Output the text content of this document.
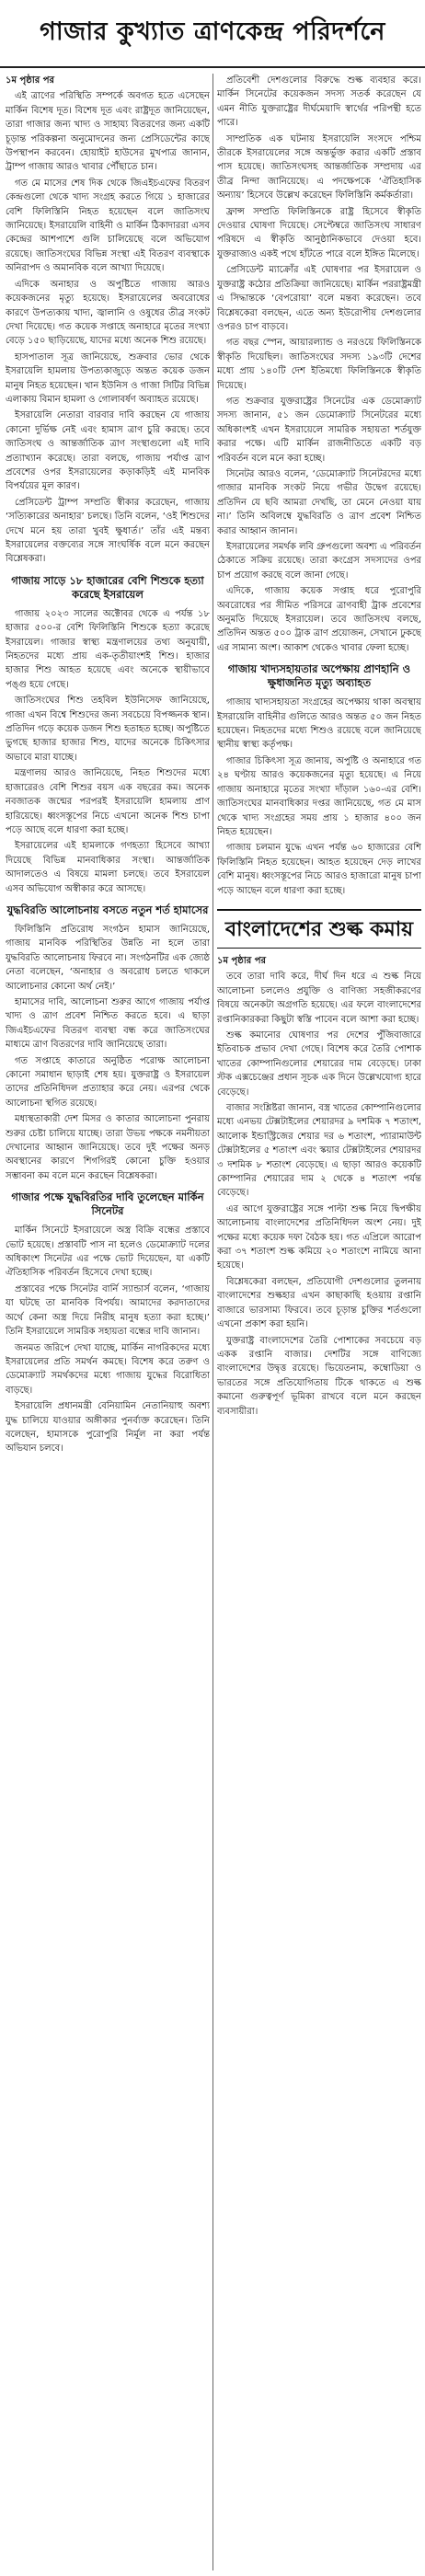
গাজার কুখ্যাত ত্রাণকেন্দ্র পরিদর্শনে
১ম পৃষ্ঠার পর

এই ত্রাণের পরিস্থিতি সম্পর্কে অবগত হতে এসেছেন মার্কিন বিশেষ দূত। বিশেষ দূত এবং রাষ্ট্রদূত জানিয়েছেন, তারা গাজার জন্য খাদ্য ও সাহায্য বিতরণের জন্য একটি চূড়ান্ত পরিকল্পনা অনুমোদনের জন্য প্রেসিডেন্টের কাছে উপস্থাপন করবেন। হোয়াইট হাউসের মুখপাত্র জানান, ট্রাম্প গাজায় আরও খাবার পৌঁছাতে চান।

গত মে মাসের শেষ দিক থেকে জিএইচএফের বিতরণ কেন্দ্রগুলো থেকে খাদ্য সংগ্রহ করতে গিয়ে ১ হাজারের বেশি ফিলিস্তিনি নিহত হয়েছেন বলে জাতিসংঘ জানিয়েছে। ইসরায়েলি বাহিনী ও মার্কিন ঠিকাদাররা এসব কেন্দ্রের আশপাশে গুলি চালিয়েছে বলে অভিযোগ রয়েছে। জাতিসংঘের বিভিন্ন সংস্থা এই বিতরণ ব্যবস্থাকে অনিরাপদ ও অমানবিক বলে আখ্যা দিয়েছে।

এদিকে অনাহার ও অপুষ্টিতে গাজায় আরও কয়েকজনের মৃত্যু হয়েছে। ইসরায়েলের অবরোধের কারণে উপত্যকায় খাদ্য, জ্বালানি ও ওষুধের তীব্র সংকট দেখা দিয়েছে। গত কয়েক সপ্তাহে অনাহারে মৃতের সংখ্যা বেড়ে ১৫০ ছাড়িয়েছে, যাদের মধ্যে অনেক শিশু রয়েছে।

হাসপাতাল সূত্র জানিয়েছে, শুক্রবার ভোর থেকে ইসরায়েলি হামলায় উপত্যকাজুড়ে অন্তত কয়েক ডজন মানুষ নিহত হয়েছেন। খান ইউনিস ও গাজা সিটির বিভিন্ন এলাকায় বিমান হামলা ও গোলাবর্ষণ অব্যাহত রয়েছে।

ইসরায়েলি নেতারা বারবার দাবি করছেন যে গাজায় কোনো দুর্ভিক্ষ নেই এবং হামাস ত্রাণ চুরি করছে। তবে জাতিসংঘ ও আন্তর্জাতিক ত্রাণ সংস্থাগুলো এই দাবি প্রত্যাখ্যান করেছে। তারা বলছে, গাজায় পর্যাপ্ত ত্রাণ প্রবেশের ওপর ইসরায়েলের কড়াকড়িই এই মানবিক বিপর্যয়ের মূল কারণ।

প্রেসিডেন্ট ট্রাম্প সম্প্রতি স্বীকার করেছেন, গাজায় ‘সত্যিকারের অনাহার’ চলছে। তিনি বলেন, ‘ওই শিশুদের দেখে মনে হয় তারা খুবই ক্ষুধার্ত।’ তাঁর এই মন্তব্য ইসরায়েলের বক্তব্যের সঙ্গে সাংঘর্ষিক বলে মনে করছেন বিশ্লেষকরা।

গাজায় সাড়ে ১৮ হাজারের বেশি শিশুকে হত্যা করেছে ইসরায়েল

গাজায় ২০২৩ সালের অক্টোবর থেকে এ পর্যন্ত ১৮ হাজার ৫০০-র বেশি ফিলিস্তিনি শিশুকে হত্যা করেছে ইসরায়েল। গাজার স্বাস্থ্য মন্ত্রণালয়ের তথ্য অনুযায়ী, নিহতদের মধ্যে প্রায় এক-তৃতীয়াংশই শিশু। হাজার হাজার শিশু আহত হয়েছে এবং অনেকে স্থায়ীভাবে পঙ্গু হয়ে গেছে।

জাতিসংঘের শিশু তহবিল ইউনিসেফ জানিয়েছে, গাজা এখন বিশ্বে শিশুদের জন্য সবচেয়ে বিপজ্জনক স্থান। প্রতিদিন গড়ে কয়েক ডজন শিশু হতাহত হচ্ছে। অপুষ্টিতে ভুগছে হাজার হাজার শিশু, যাদের অনেকে চিকিৎসার অভাবে মারা যাচ্ছে।

মন্ত্রণালয় আরও জানিয়েছে, নিহত শিশুদের মধ্যে হাজারেরও বেশি শিশুর বয়স এক বছরের কম। অনেক নবজাতক জন্মের পরপরই ইসরায়েলি হামলায় প্রাণ হারিয়েছে। ধ্বংসস্তূপের নিচে এখনো অনেক শিশু চাপা পড়ে আছে বলে ধারণা করা হচ্ছে।

ইসরায়েলের এই হামলাকে গণহত্যা হিসেবে আখ্যা দিয়েছে বিভিন্ন মানবাধিকার সংস্থা। আন্তর্জাতিক আদালতেও এ বিষয়ে মামলা চলছে। তবে ইসরায়েল এসব অভিযোগ অস্বীকার করে আসছে।

যুদ্ধবিরতি আলোচনায় বসতে নতুন শর্ত হামাসের

ফিলিস্তিনি প্রতিরোধ সংগঠন হামাস জানিয়েছে, গাজায় মানবিক পরিস্থিতির উন্নতি না হলে তারা যুদ্ধবিরতি আলোচনায় ফিরবে না। সংগঠনটির এক জ্যেষ্ঠ নেতা বলেছেন, ‘অনাহার ও অবরোধ চলতে থাকলে আলোচনার কোনো অর্থ নেই।’

হামাসের দাবি, আলোচনা শুরুর আগে গাজায় পর্যাপ্ত খাদ্য ও ত্রাণ প্রবেশ নিশ্চিত করতে হবে। এ ছাড়া জিএইচএফের বিতরণ ব্যবস্থা বন্ধ করে জাতিসংঘের মাধ্যমে ত্রাণ বিতরণের দাবি জানিয়েছে তারা।

গত সপ্তাহে কাতারে অনুষ্ঠিত পরোক্ষ আলোচনা কোনো সমাধান ছাড়াই শেষ হয়। যুক্তরাষ্ট্র ও ইসরায়েল তাদের প্রতিনিধিদল প্রত্যাহার করে নেয়। এরপর থেকে আলোচনা স্থগিত রয়েছে।

মধ্যস্থতাকারী দেশ মিসর ও কাতার আলোচনা পুনরায় শুরুর চেষ্টা চালিয়ে যাচ্ছে। তারা উভয় পক্ষকে নমনীয়তা দেখানোর আহ্বান জানিয়েছে। তবে দুই পক্ষের অনড় অবস্থানের কারণে শিগগিরই কোনো চুক্তি হওয়ার সম্ভাবনা কম বলে মনে করছেন বিশ্লেষকরা।

গাজার পক্ষে যুদ্ধবিরতির দাবি তুলেছেন মার্কিন সিনেটর

মার্কিন সিনেটে ইসরায়েলে অস্ত্র বিক্রি বন্ধের প্রস্তাবে ভোট হয়েছে। প্রস্তাবটি পাস না হলেও ডেমোক্র্যাট দলের অধিকাংশ সিনেটর এর পক্ষে ভোট দিয়েছেন, যা একটি ঐতিহাসিক পরিবর্তন হিসেবে দেখা হচ্ছে।

প্রস্তাবের পক্ষে সিনেটর বার্নি স্যান্ডার্স বলেন, ‘গাজায় যা ঘটছে তা মানবিক বিপর্যয়। আমাদের করদাতাদের অর্থে কেনা অস্ত্র দিয়ে নিরীহ মানুষ হত্যা করা হচ্ছে।’ তিনি ইসরায়েলে সামরিক সহায়তা বন্ধের দাবি জানান।

জনমত জরিপে দেখা যাচ্ছে, মার্কিন নাগরিকদের মধ্যে ইসরায়েলের প্রতি সমর্থন কমছে। বিশেষ করে তরুণ ও ডেমোক্র্যাট সমর্থকদের মধ্যে গাজায় যুদ্ধের বিরোধিতা বাড়ছে।

ইসরায়েলি প্রধানমন্ত্রী বেনিয়ামিন নেতানিয়াহু অবশ্য যুদ্ধ চালিয়ে যাওয়ার অঙ্গীকার পুনর্ব্যক্ত করেছেন। তিনি বলেছেন, হামাসকে পুরোপুরি নির্মূল না করা পর্যন্ত অভিযান চলবে।

প্রতিবেশী দেশগুলোর বিরুদ্ধে শুল্ক ব্যবহার করে। মার্কিন সিনেটের কয়েকজন সদস্য সতর্ক করেছেন যে এমন নীতি যুক্তরাষ্ট্রের দীর্ঘমেয়াদি স্বার্থের পরিপন্থী হতে পারে।

সাম্প্রতিক এক ঘটনায় ইসরায়েলি সংসদে পশ্চিম তীরকে ইসরায়েলের সঙ্গে অন্তর্ভুক্ত করার একটি প্রস্তাব পাস হয়েছে। জাতিসংঘসহ আন্তর্জাতিক সম্প্রদায় এর তীব্র নিন্দা জানিয়েছে। এ পদক্ষেপকে ‘ঐতিহাসিক অন্যায়’ হিসেবে উল্লেখ করেছেন ফিলিস্তিনি কর্মকর্তারা।

ফ্রান্স সম্প্রতি ফিলিস্তিনকে রাষ্ট্র হিসেবে স্বীকৃতি দেওয়ার ঘোষণা দিয়েছে। সেপ্টেম্বরে জাতিসংঘ সাধারণ পরিষদে এ স্বীকৃতি আনুষ্ঠানিকভাবে দেওয়া হবে। যুক্তরাজ্যও একই পথে হাঁটতে পারে বলে ইঙ্গিত মিলেছে।

প্রেসিডেন্ট ম্যাক্রোঁর এই ঘোষণার পর ইসরায়েল ও যুক্তরাষ্ট্র কঠোর প্রতিক্রিয়া জানিয়েছে। মার্কিন পররাষ্ট্রমন্ত্রী এ সিদ্ধান্তকে ‘বেপরোয়া’ বলে মন্তব্য করেছেন। তবে বিশ্লেষকেরা বলছেন, এতে অন্য ইউরোপীয় দেশগুলোর ওপরও চাপ বাড়বে।

গত বছর স্পেন, আয়ারল্যান্ড ও নরওয়ে ফিলিস্তিনকে স্বীকৃতি দিয়েছিল। জাতিসংঘের সদস্য ১৯৩টি দেশের মধ্যে প্রায় ১৪০টি দেশ ইতিমধ্যে ফিলিস্তিনকে স্বীকৃতি দিয়েছে।

গত শুক্রবার যুক্তরাষ্ট্রের সিনেটের এক ডেমোক্র্যাট সদস্য জানান, ৫১ জন ডেমোক্র্যাট সিনেটরের মধ্যে অধিকাংশই এখন ইসরায়েলে সামরিক সহায়তা শর্তযুক্ত করার পক্ষে। এটি মার্কিন রাজনীতিতে একটি বড় পরিবর্তন বলে মনে করা হচ্ছে।

সিনেটর আরও বলেন, ‘ডেমোক্র্যাট সিনেটরদের মধ্যে গাজার মানবিক সংকট নিয়ে গভীর উদ্বেগ রয়েছে। প্রতিদিন যে ছবি আমরা দেখছি, তা মেনে নেওয়া যায় না।’ তিনি অবিলম্বে যুদ্ধবিরতি ও ত্রাণ প্রবেশ নিশ্চিত করার আহ্বান জানান।

ইসরায়েলের সমর্থক লবি গ্রুপগুলো অবশ্য এ পরিবর্তন ঠেকাতে সক্রিয় রয়েছে। তারা কংগ্রেস সদস্যদের ওপর চাপ প্রয়োগ করছে বলে জানা গেছে।

এদিকে, গাজায় কয়েক সপ্তাহ ধরে পুরোপুরি অবরোধের পর সীমিত পরিসরে ত্রাণবাহী ট্রাক প্রবেশের অনুমতি দিয়েছে ইসরায়েল। তবে জাতিসংঘ বলছে, প্রতিদিন অন্তত ৫০০ ট্রাক ত্রাণ প্রয়োজন, সেখানে ঢুকছে এর সামান্য অংশ। আকাশ থেকেও খাবার ফেলা হচ্ছে।

গাজায় খাদ্যসহায়তার অপেক্ষায় প্রাণহানি ও ক্ষুধাজনিত মৃত্যু অব্যাহত

গাজায় খাদ্যসহায়তা সংগ্রহের অপেক্ষায় থাকা অবস্থায় ইসরায়েলি বাহিনীর গুলিতে আরও অন্তত ৫০ জন নিহত হয়েছেন। নিহতদের মধ্যে শিশুও রয়েছে বলে জানিয়েছে স্থানীয় স্বাস্থ্য কর্তৃপক্ষ।

গাজার চিকিৎসা সূত্র জানায়, অপুষ্টি ও অনাহারে গত ২৪ ঘণ্টায় আরও কয়েকজনের মৃত্যু হয়েছে। এ নিয়ে গাজায় অনাহারে মৃতের সংখ্যা দাঁড়াল ১৬০-এর বেশি। জাতিসংঘের মানবাধিকার দপ্তর জানিয়েছে, গত মে মাস থেকে খাদ্য সংগ্রহের সময় প্রায় ১ হাজার ৪০০ জন নিহত হয়েছেন।

গাজায় চলমান যুদ্ধে এখন পর্যন্ত ৬০ হাজারের বেশি ফিলিস্তিনি নিহত হয়েছেন। আহত হয়েছেন দেড় লাখের বেশি মানুষ। ধ্বংসস্তূপের নিচে আরও হাজারো মানুষ চাপা পড়ে আছেন বলে ধারণা করা হচ্ছে।

বাংলাদেশের শুল্ক কমায়
১ম পৃষ্ঠার পর

তবে তারা দাবি করে, দীর্ঘ দিন ধরে এ শুল্ক নিয়ে আলোচনা চললেও প্রযুক্তি ও বাণিজ্য সহজীকরণের বিষয়ে অনেকটা অগ্রগতি হয়েছে। এর ফলে বাংলাদেশের রপ্তানিকারকরা কিছুটা স্বস্তি পাবেন বলে আশা করা হচ্ছে।

শুল্ক কমানোর ঘোষণার পর দেশের পুঁজিবাজারে ইতিবাচক প্রভাব দেখা গেছে। বিশেষ করে তৈরি পোশাক খাতের কোম্পানিগুলোর শেয়ারের দাম বেড়েছে। ঢাকা স্টক এক্সচেঞ্জের প্রধান সূচক এক দিনে উল্লেখযোগ্য হারে বেড়েছে।

বাজার সংশ্লিষ্টরা জানান, বস্ত্র খাতের কোম্পানিগুলোর মধ্যে এনভয় টেক্সটাইলের শেয়ারদর ৯ দশমিক ৭ শতাংশ, আলোক ইন্ডাস্ট্রিজের শেয়ার দর ৬ শতাংশ, প্যারামাউন্ট টেক্সটাইলের ৫ শতাংশ এবং স্কয়ার টেক্সটাইলের শেয়ারদর ৩ দশমিক ৮ শতাংশ বেড়েছে। এ ছাড়া আরও কয়েকটি কোম্পানির শেয়ারের দাম ২ থেকে ৪ শতাংশ পর্যন্ত বেড়েছে।

এর আগে যুক্তরাষ্ট্রের সঙ্গে পাল্টা শুল্ক নিয়ে দ্বিপক্ষীয় আলোচনায় বাংলাদেশের প্রতিনিধিদল অংশ নেয়। দুই পক্ষের মধ্যে কয়েক দফা বৈঠক হয়। গত এপ্রিলে আরোপ করা ৩৭ শতাংশ শুল্ক কমিয়ে ২০ শতাংশে নামিয়ে আনা হয়েছে।

বিশ্লেষকেরা বলছেন, প্রতিযোগী দেশগুলোর তুলনায় বাংলাদেশের শুল্কহার এখন কাছাকাছি হওয়ায় রপ্তানি বাজারে ভারসাম্য ফিরবে। তবে চূড়ান্ত চুক্তির শর্তগুলো এখনো প্রকাশ করা হয়নি।

যুক্তরাষ্ট্র বাংলাদেশের তৈরি পোশাকের সবচেয়ে বড় একক রপ্তানি বাজার। দেশটির সঙ্গে বাণিজ্যে বাংলাদেশের উদ্বৃত্ত রয়েছে। ভিয়েতনাম, কম্বোডিয়া ও ভারতের সঙ্গে প্রতিযোগিতায় টিকে থাকতে এ শুল্ক কমানো গুরুত্বপূর্ণ ভূমিকা রাখবে বলে মনে করছেন ব্যবসায়ীরা।
